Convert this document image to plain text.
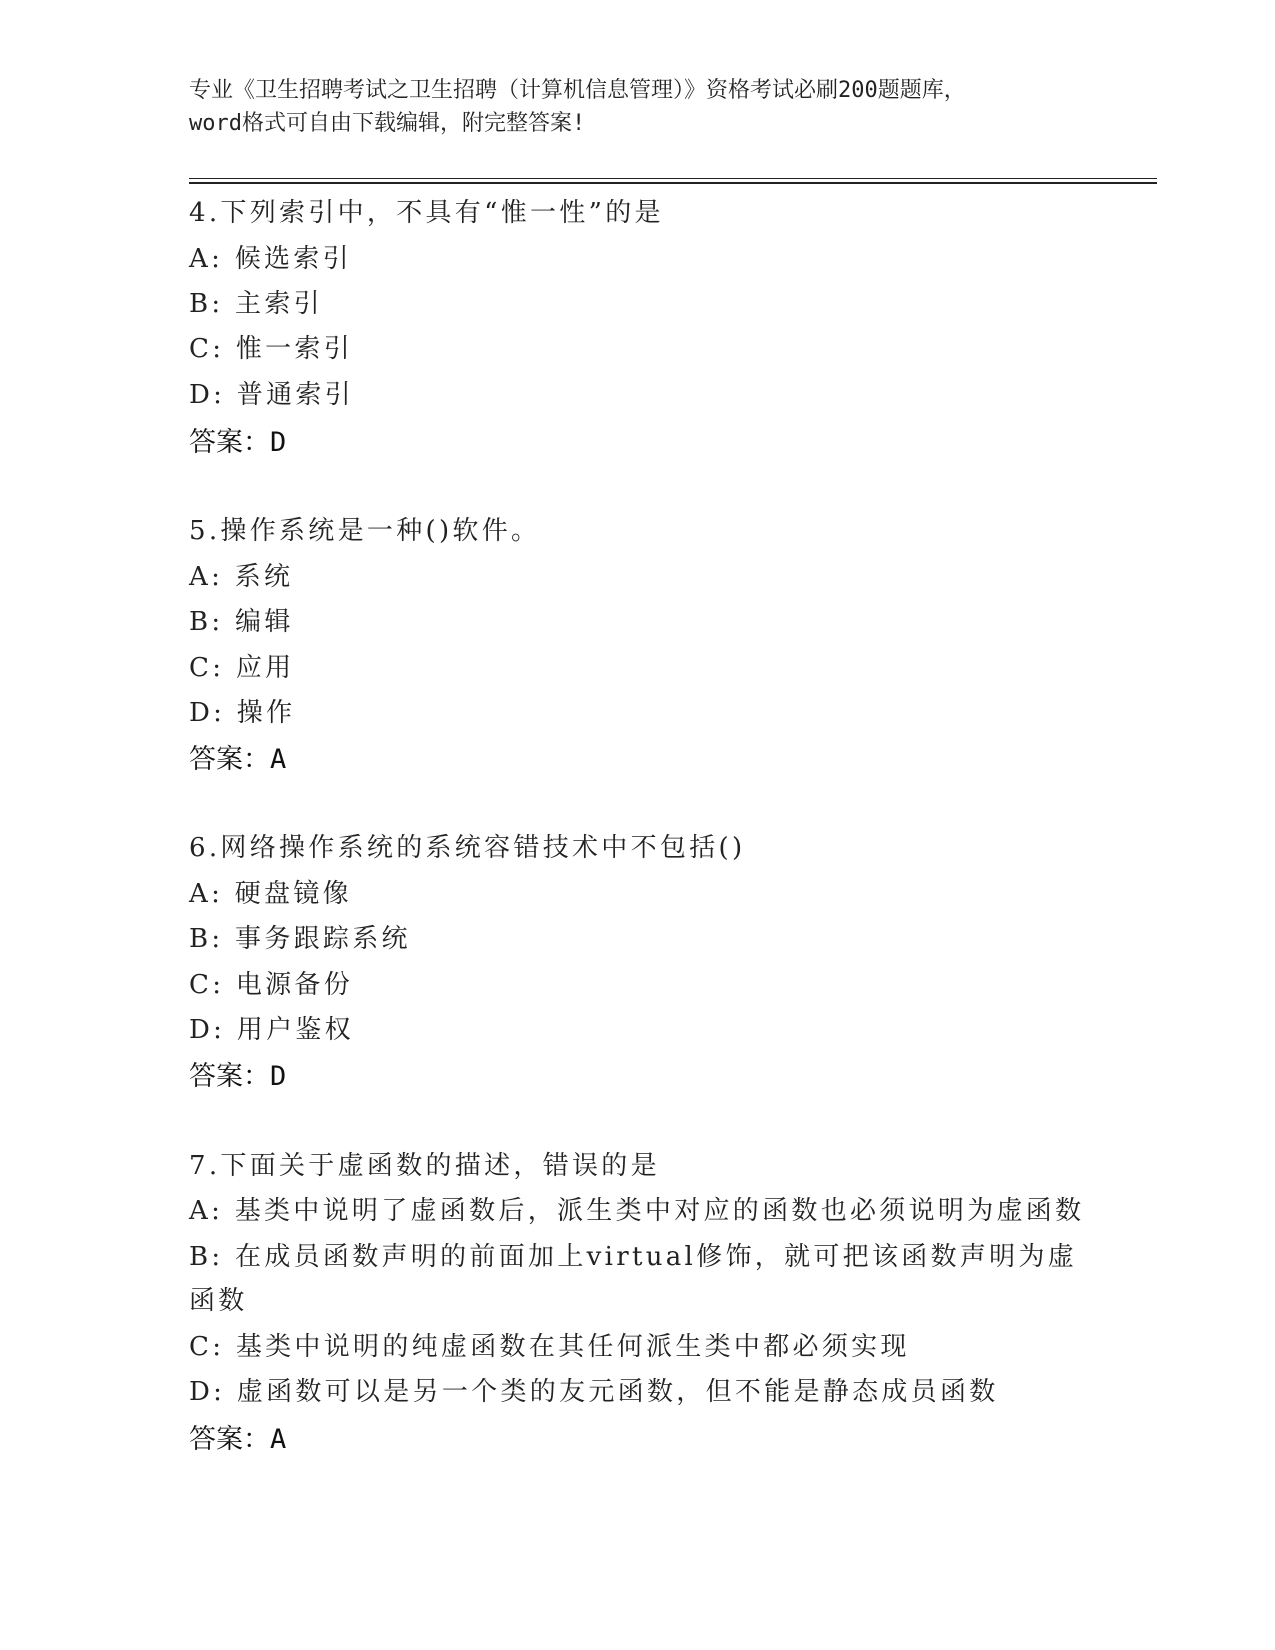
专业《卫生招聘考试之卫生招聘（计算机信息管理）》资格考试必刷200题题库，
word格式可自由下载编辑，附完整答案!
4.下列索引中，不具有“惟一性”的是
A: 候选索引
B: 主索引
C: 惟一索引
D: 普通索引
答案：D
5.操作系统是一种()软件。
A: 系统
B: 编辑
C: 应用
D: 操作
答案：A
6.网络操作系统的系统容错技术中不包括()
A: 硬盘镜像
B: 事务跟踪系统
C: 电源备份
D: 用户鉴权
答案：D
7.下面关于虚函数的描述，错误的是
A: 基类中说明了虚函数后，派生类中对应的函数也必须说明为虚函数
B: 在成员函数声明的前面加上virtual修饰，就可把该函数声明为虚
函数
C: 基类中说明的纯虚函数在其任何派生类中都必须实现
D: 虚函数可以是另一个类的友元函数，但不能是静态成员函数
答案：A
